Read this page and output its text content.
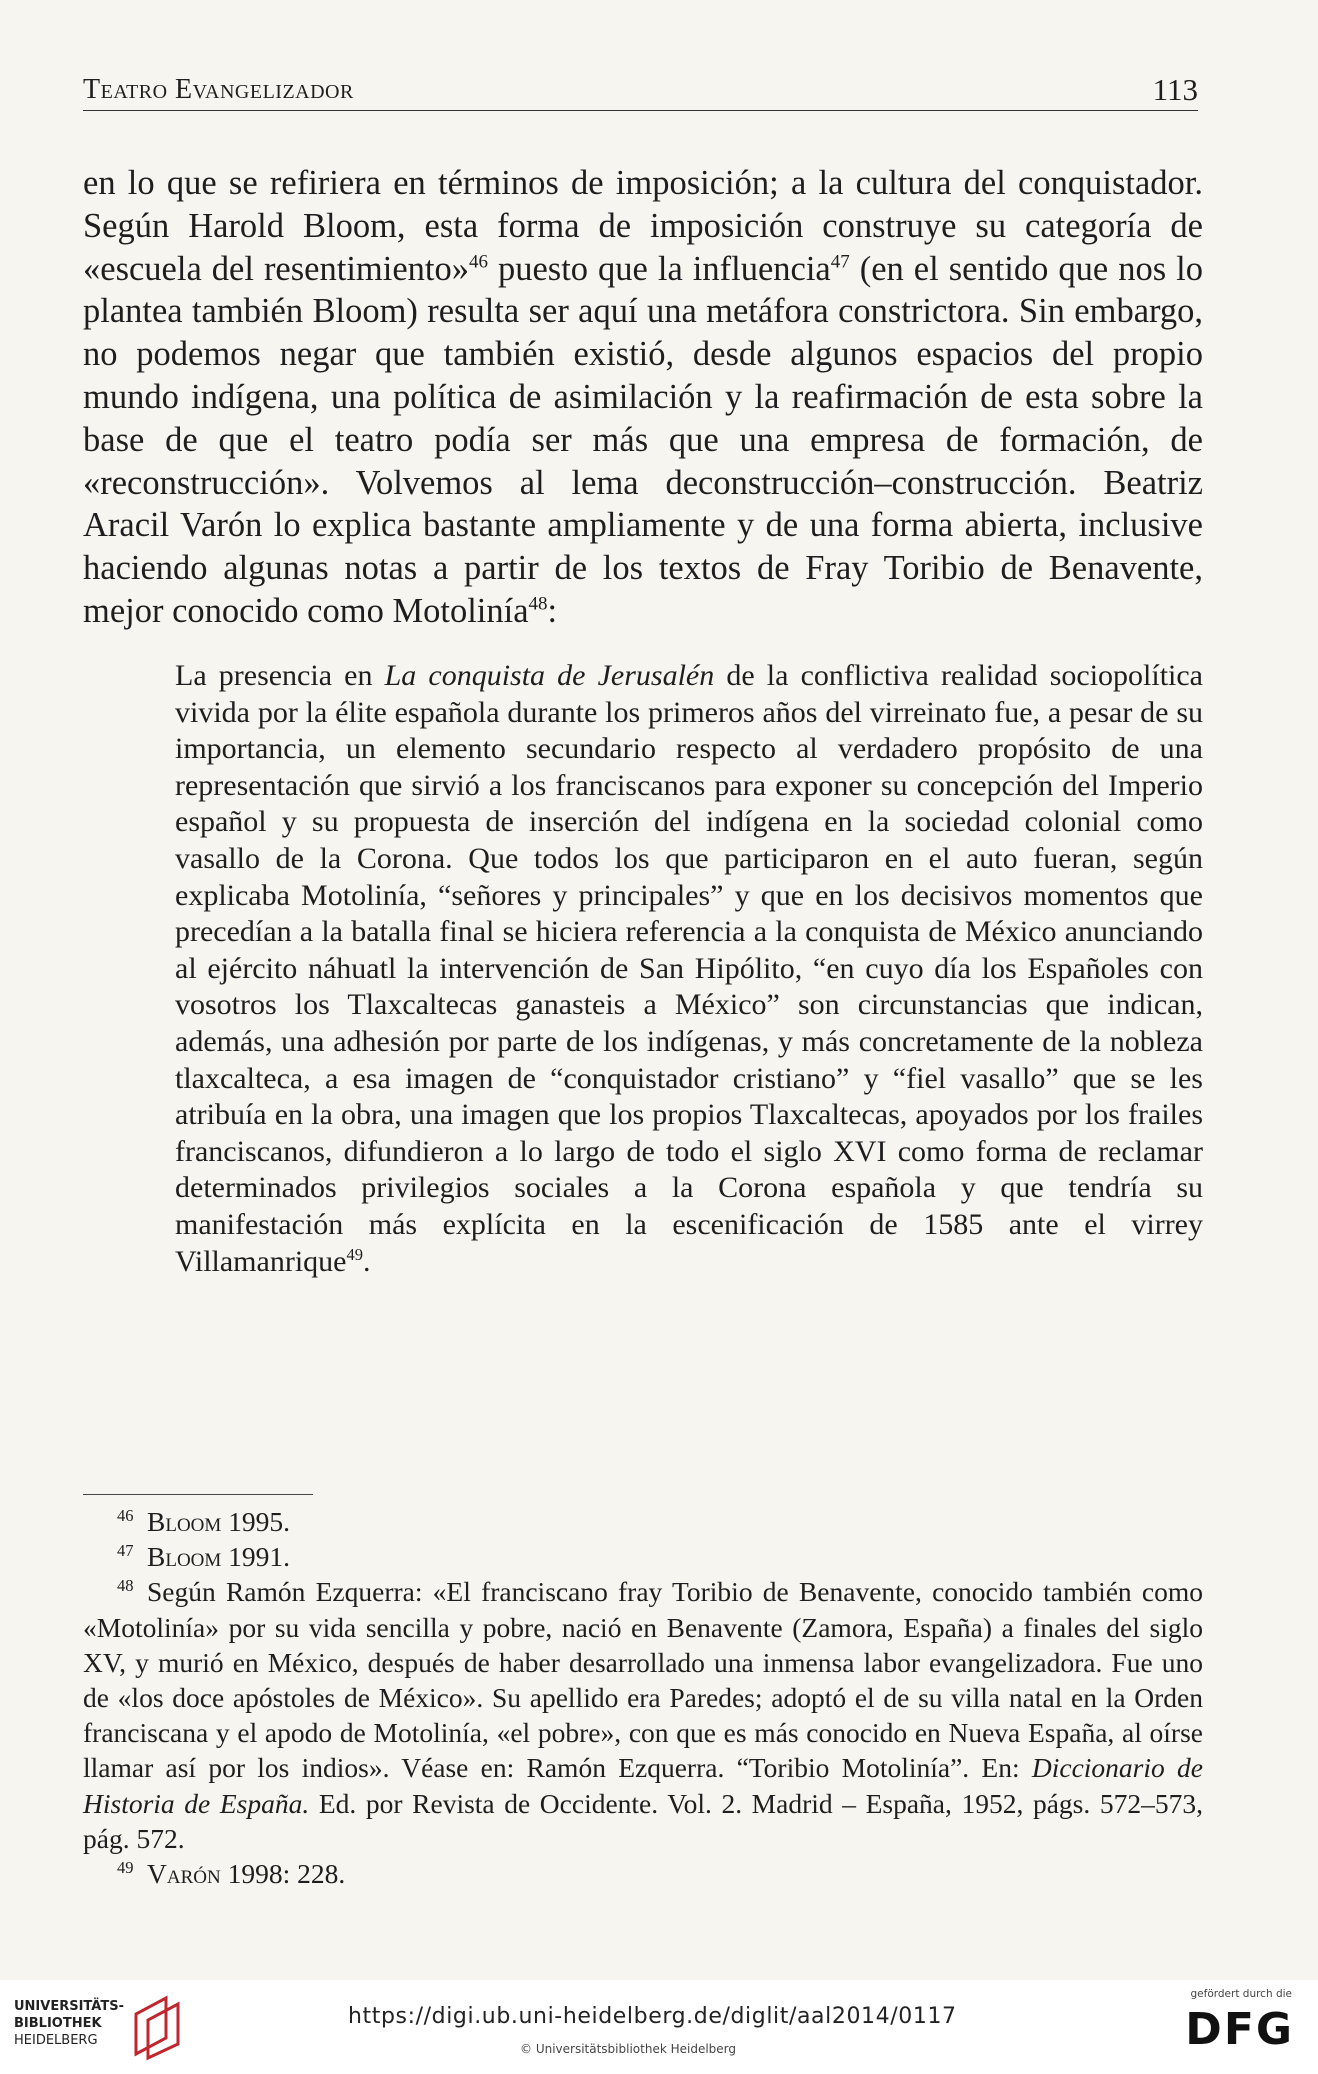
Teatro Evangelizador	113
en lo que se refiriera en términos de imposición; a la cultura del conquistador. Según Harold Bloom, esta forma de imposición construye su categoría de «escuela del resentimiento»$^{46}$ puesto que la influencia$^{47}$ (en el sentido que nos lo plantea también Bloom) resulta ser aquí una metáfora constrictora. Sin embargo, no podemos negar que también existió, desde algunos espacios del propio mundo indígena, una política de asimilación y la reafirmación de esta sobre la base de que el teatro podía ser más que una empresa de formación, de «reconstrucción». Volvemos al lema deconstrucción–construcción. Beatriz Aracil Varón lo explica bastante ampliamente y de una forma abierta, inclusive haciendo algunas notas a partir de los textos de Fray Toribio de Benavente, mejor conocido como Motolinía$^{48}$:
La presencia en La conquista de Jerusalén de la conflictiva realidad sociopolítica vivida por la élite española durante los primeros años del virreinato fue, a pesar de su importancia, un elemento secundario respecto al verdadero propósito de una representación que sirvió a los franciscanos para exponer su concepción del Imperio español y su propuesta de inserción del indígena en la sociedad colonial como vasallo de la Corona. Que todos los que participaron en el auto fueran, según explicaba Motolinía, “señores y principales” y que en los decisivos momentos que precedían a la batalla final se hiciera referencia a la conquista de México anunciando al ejército náhuatl la intervención de San Hipólito, “en cuyo día los Españoles con vosotros los Tlaxcaltecas ganasteis a México” son circunstancias que indican, además, una adhesión por parte de los indígenas, y más concretamente de la nobleza tlaxcalteca, a esa imagen de “conquistador cristiano” y “fiel vasallo” que se les atribuía en la obra, una imagen que los propios Tlaxcaltecas, apoyados por los frailes franciscanos, difundieron a lo largo de todo el siglo XVI como forma de reclamar determinados privilegios sociales a la Corona española y que tendría su manifestación más explícita en la escenificación de 1585 ante el virrey Villamanrique$^{49}$.

46 Bloom 1995.

47 Bloom 1991.

48 Según Ramón Ezquerra: «El franciscano fray Toribio de Benavente, conocido también como «Motolinía» por su vida sencilla y pobre, nació en Benavente (Zamora, España) a finales del siglo XV, y murió en México, después de haber desarrollado una inmensa labor evangelizadora. Fue uno de «los doce apóstoles de México». Su apellido era Paredes; adoptó el de su villa natal en la Orden franciscana y el apodo de Motolinía, «el pobre», con que es más conocido en Nueva España, al oírse llamar así por los indios». Véase en: Ramón Ezquerra. “Toribio Motolinía”. En: Diccionario de Historia de España. Ed. por Revista de Occidente. Vol. 2. Madrid – España, 1952, págs. 572–573, pág. 572.

49 Varón 1998: 228.

UNIVERSITÄTS-
BIBLIOTHEK
HEIDELBERG
https://digi.ub.uni-heidelberg.de/diglit/aal2014/0117
© Universitätsbibliothek Heidelberg
gefördert durch die
DFG
